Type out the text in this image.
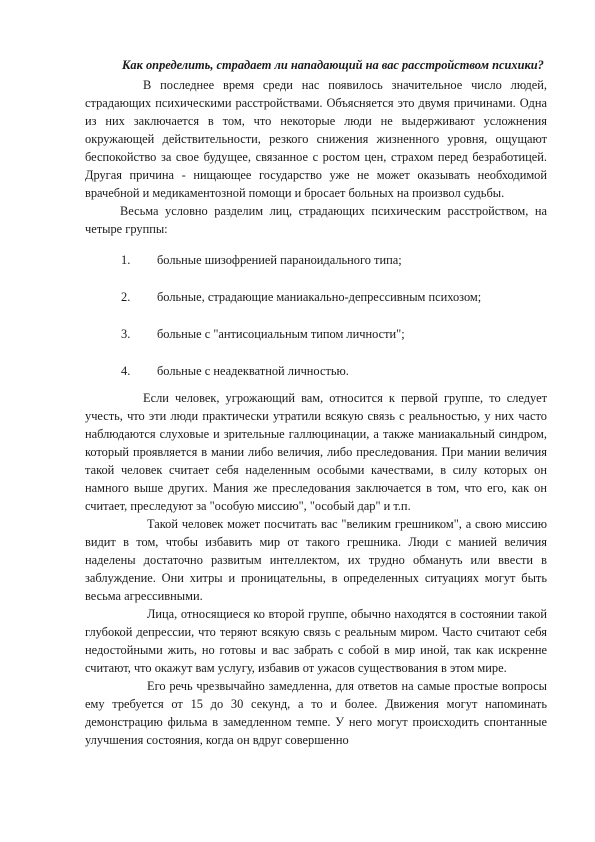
Как определить, страдает ли нападающий на вас расстройством психики?

В последнее время среди нас появилось значительное число людей, страдающих психическими расстройствами. Объясняется это двумя причинами. Одна из них заключается в том, что некоторые люди не выдерживают усложнения окружающей действительности, резкого снижения жизненного уровня, ощущают беспокойство за свое будущее, связанное с ростом цен, страхом перед безработицей. Другая причина - нищающее государство уже не может оказывать необходимой врачебной и медикаментозной помощи и бросает больных на произвол судьбы.

Весьма условно разделим лиц, страдающих психическим расстройством, на четыре группы:

1.	больные шизофренией параноидального типа;
2.	больные, страдающие маниакально-депрессивным психозом;
3.	больные с "антисоциальным типом личности";
4.	больные с неадекватной личностью.

Если человек, угрожающий вам, относится к первой группе, то следует учесть, что эти люди практически утратили всякую связь с реальностью, у них часто наблюдаются слуховые и зрительные галлюцинации, а также маниакальный синдром, который проявляется в мании либо величия, либо преследования. При мании величия такой человек считает себя наделенным особыми качествами, в силу которых он намного выше других. Мания же преследования заключается в том, что его, как он считает, преследуют за "особую миссию", "особый дар" и т.п.

Такой человек может посчитать вас "великим грешником", а свою миссию видит в том, чтобы избавить мир от такого грешника. Люди с манией величия наделены достаточно развитым интеллектом, их трудно обмануть или ввести в заблуждение. Они хитры и проницательны, в определенных ситуациях могут быть весьма агрессивными.

Лица, относящиеся ко второй группе, обычно находятся в состоянии такой глубокой депрессии, что теряют всякую связь с реальным миром. Часто считают себя недостойными жить, но готовы и вас забрать с собой в мир иной, так как искренне считают, что окажут вам услугу, избавив от ужасов существования в этом мире.

Его речь чрезвычайно замедленна, для ответов на самые простые вопросы ему требуется от 15 до 30 секунд, а то и более. Движения могут напоминать демонстрацию фильма в замедленном темпе. У него могут происходить спонтанные улучшения состояния, когда он вдруг совершенно
